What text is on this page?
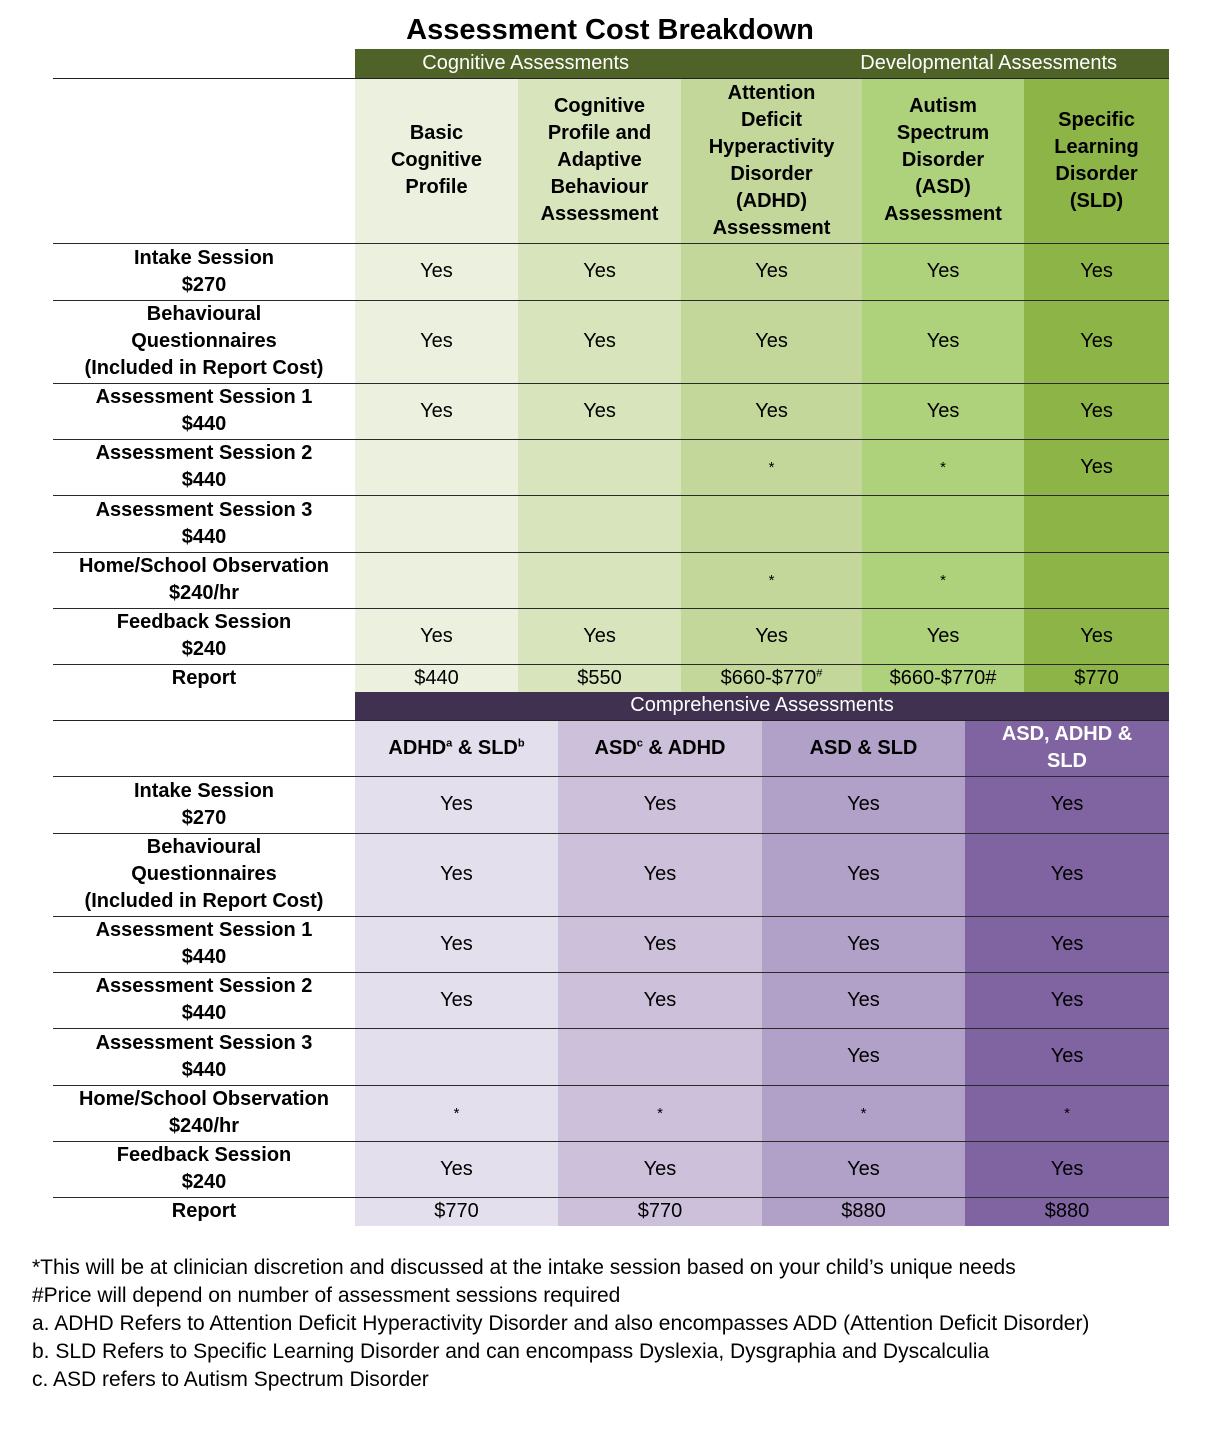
Assessment Cost Breakdown
	Cognitive Assessments		Developmental Assessments		

	Basic Cognitive Profile	Cognitive Profile and Adaptive Behaviour Assessment	Attention Deficit Hyperactivity Disorder (ADHD) Assessment	Autism Spectrum Disorder (ASD) Assessment	Specific Learning Disorder (SLD)

Intake Session
$270	Yes	Yes	Yes	Yes	Yes

Behavioural
Questionnaires
(Included in Report Cost)	Yes	Yes	Yes	Yes	Yes

Assessment Session 1
$440	Yes	Yes	Yes	Yes	Yes

Assessment Session 2
$440			*	*	Yes

Assessment Session 3
$440					

Home/School Observation
$240/hr			*	*	

Feedback Session
$240	Yes	Yes	Yes	Yes	Yes
Report	$440	$550	$660-$770#	$660-$770#	$770
	Comprehensive Assessments			

	ADHD$^a$ & SLD$^b$	ASD$^c$ & ADHD	ASD & SLD	ASD, ADHD &
SLD

Intake Session
$270	Yes	Yes	Yes	Yes

Behavioural
Questionnaires
(Included in Report Cost)	Yes	Yes	Yes	Yes

Assessment Session 1
$440	Yes	Yes	Yes	Yes

Assessment Session 2
$440	Yes	Yes	Yes	Yes

Assessment Session 3
$440			Yes	Yes

Home/School Observation
$240/hr	*	*	*	*

Feedback Session
$240	Yes	Yes	Yes	Yes
Report	$770	$770	$880	$880
*This will be at clinician discretion and discussed at the intake session based on your child’s unique needs
#Price will depend on number of assessment sessions required
a. ADHD Refers to Attention Deficit Hyperactivity Disorder and also encompasses ADD (Attention Deficit Disorder)
b. SLD Refers to Specific Learning Disorder and can encompass Dyslexia, Dysgraphia and Dyscalculia
c. ASD refers to Autism Spectrum Disorder
